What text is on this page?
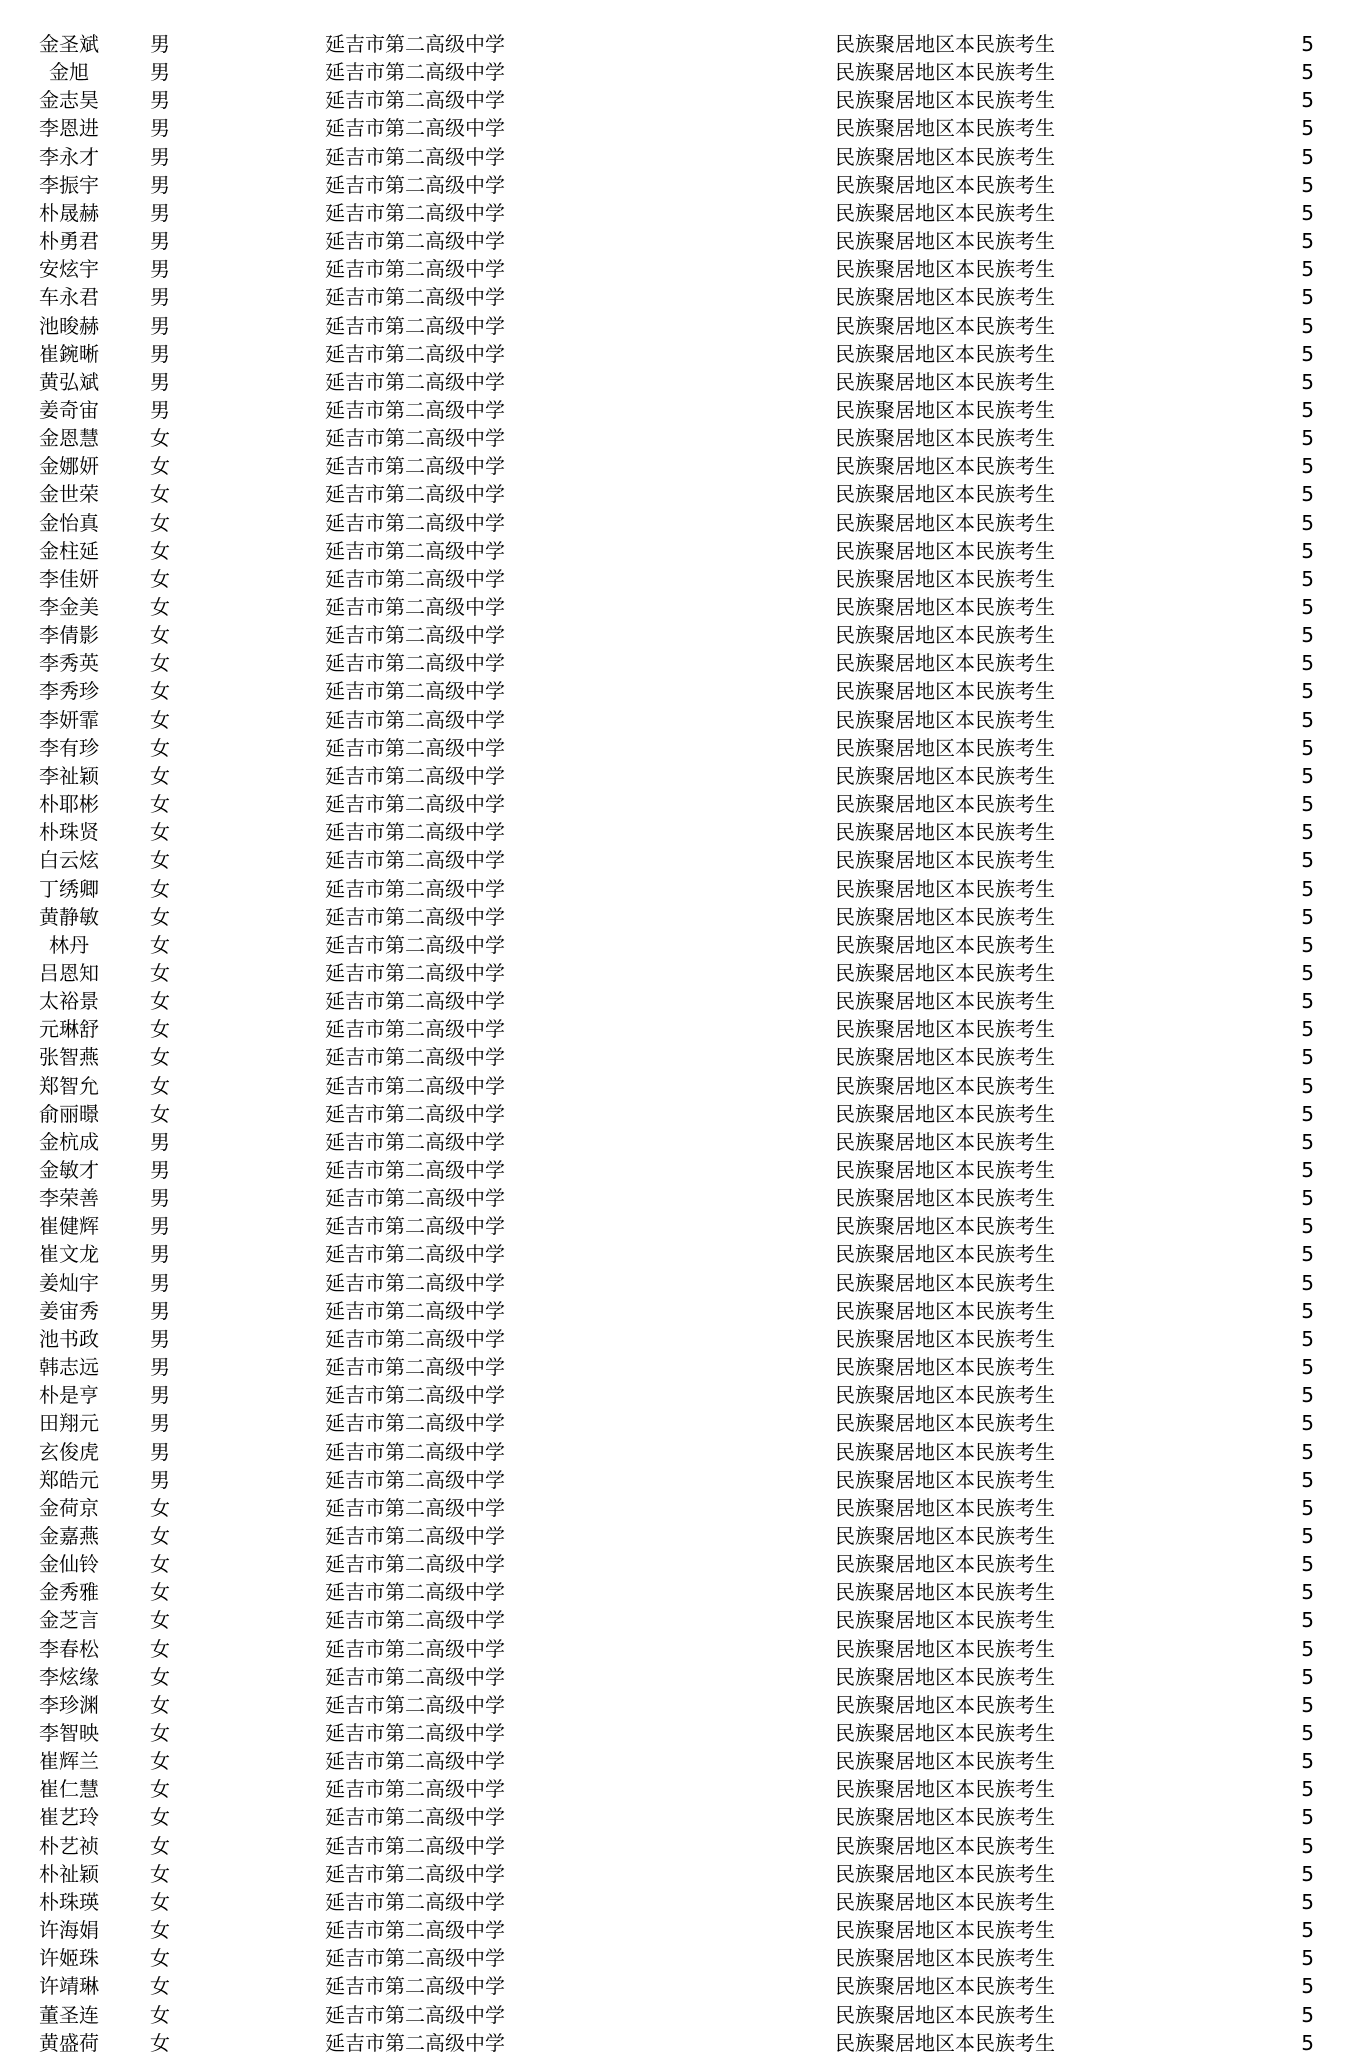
金圣斌	男	延吉市第二高级中学	民族聚居地区本民族考生	5
金旭	男	延吉市第二高级中学	民族聚居地区本民族考生	5
金志昊	男	延吉市第二高级中学	民族聚居地区本民族考生	5
李恩进	男	延吉市第二高级中学	民族聚居地区本民族考生	5
李永才	男	延吉市第二高级中学	民族聚居地区本民族考生	5
李振宇	男	延吉市第二高级中学	民族聚居地区本民族考生	5
朴晟赫	男	延吉市第二高级中学	民族聚居地区本民族考生	5
朴勇君	男	延吉市第二高级中学	民族聚居地区本民族考生	5
安炫宇	男	延吉市第二高级中学	民族聚居地区本民族考生	5
车永君	男	延吉市第二高级中学	民族聚居地区本民族考生	5
池晙赫	男	延吉市第二高级中学	民族聚居地区本民族考生	5
崔鋺晰	男	延吉市第二高级中学	民族聚居地区本民族考生	5
黄弘斌	男	延吉市第二高级中学	民族聚居地区本民族考生	5
姜奇宙	男	延吉市第二高级中学	民族聚居地区本民族考生	5
金恩慧	女	延吉市第二高级中学	民族聚居地区本民族考生	5
金娜妍	女	延吉市第二高级中学	民族聚居地区本民族考生	5
金世荣	女	延吉市第二高级中学	民族聚居地区本民族考生	5
金怡真	女	延吉市第二高级中学	民族聚居地区本民族考生	5
金柱延	女	延吉市第二高级中学	民族聚居地区本民族考生	5
李佳妍	女	延吉市第二高级中学	民族聚居地区本民族考生	5
李金美	女	延吉市第二高级中学	民族聚居地区本民族考生	5
李倩影	女	延吉市第二高级中学	民族聚居地区本民族考生	5
李秀英	女	延吉市第二高级中学	民族聚居地区本民族考生	5
李秀珍	女	延吉市第二高级中学	民族聚居地区本民族考生	5
李妍霏	女	延吉市第二高级中学	民族聚居地区本民族考生	5
李有珍	女	延吉市第二高级中学	民族聚居地区本民族考生	5
李祉颖	女	延吉市第二高级中学	民族聚居地区本民族考生	5
朴耶彬	女	延吉市第二高级中学	民族聚居地区本民族考生	5
朴珠贤	女	延吉市第二高级中学	民族聚居地区本民族考生	5
白云炫	女	延吉市第二高级中学	民族聚居地区本民族考生	5
丁绣卿	女	延吉市第二高级中学	民族聚居地区本民族考生	5
黄静敏	女	延吉市第二高级中学	民族聚居地区本民族考生	5
林丹	女	延吉市第二高级中学	民族聚居地区本民族考生	5
吕恩知	女	延吉市第二高级中学	民族聚居地区本民族考生	5
太裕景	女	延吉市第二高级中学	民族聚居地区本民族考生	5
元琳舒	女	延吉市第二高级中学	民族聚居地区本民族考生	5
张智燕	女	延吉市第二高级中学	民族聚居地区本民族考生	5
郑智允	女	延吉市第二高级中学	民族聚居地区本民族考生	5
俞丽暻	女	延吉市第二高级中学	民族聚居地区本民族考生	5
金杭成	男	延吉市第二高级中学	民族聚居地区本民族考生	5
金敏才	男	延吉市第二高级中学	民族聚居地区本民族考生	5
李荣善	男	延吉市第二高级中学	民族聚居地区本民族考生	5
崔健辉	男	延吉市第二高级中学	民族聚居地区本民族考生	5
崔文龙	男	延吉市第二高级中学	民族聚居地区本民族考生	5
姜灿宇	男	延吉市第二高级中学	民族聚居地区本民族考生	5
姜宙秀	男	延吉市第二高级中学	民族聚居地区本民族考生	5
池书政	男	延吉市第二高级中学	民族聚居地区本民族考生	5
韩志远	男	延吉市第二高级中学	民族聚居地区本民族考生	5
朴是亨	男	延吉市第二高级中学	民族聚居地区本民族考生	5
田翔元	男	延吉市第二高级中学	民族聚居地区本民族考生	5
玄俊虎	男	延吉市第二高级中学	民族聚居地区本民族考生	5
郑皓元	男	延吉市第二高级中学	民族聚居地区本民族考生	5
金荷京	女	延吉市第二高级中学	民族聚居地区本民族考生	5
金嘉燕	女	延吉市第二高级中学	民族聚居地区本民族考生	5
金仙铃	女	延吉市第二高级中学	民族聚居地区本民族考生	5
金秀雅	女	延吉市第二高级中学	民族聚居地区本民族考生	5
金芝言	女	延吉市第二高级中学	民族聚居地区本民族考生	5
李春松	女	延吉市第二高级中学	民族聚居地区本民族考生	5
李炫缘	女	延吉市第二高级中学	民族聚居地区本民族考生	5
李珍渊	女	延吉市第二高级中学	民族聚居地区本民族考生	5
李智映	女	延吉市第二高级中学	民族聚居地区本民族考生	5
崔辉兰	女	延吉市第二高级中学	民族聚居地区本民族考生	5
崔仁慧	女	延吉市第二高级中学	民族聚居地区本民族考生	5
崔艺玲	女	延吉市第二高级中学	民族聚居地区本民族考生	5
朴艺祯	女	延吉市第二高级中学	民族聚居地区本民族考生	5
朴祉颖	女	延吉市第二高级中学	民族聚居地区本民族考生	5
朴珠瑛	女	延吉市第二高级中学	民族聚居地区本民族考生	5
许海娟	女	延吉市第二高级中学	民族聚居地区本民族考生	5
许姬珠	女	延吉市第二高级中学	民族聚居地区本民族考生	5
许靖琳	女	延吉市第二高级中学	民族聚居地区本民族考生	5
董圣连	女	延吉市第二高级中学	民族聚居地区本民族考生	5
黄盛荷	女	延吉市第二高级中学	民族聚居地区本民族考生	5
